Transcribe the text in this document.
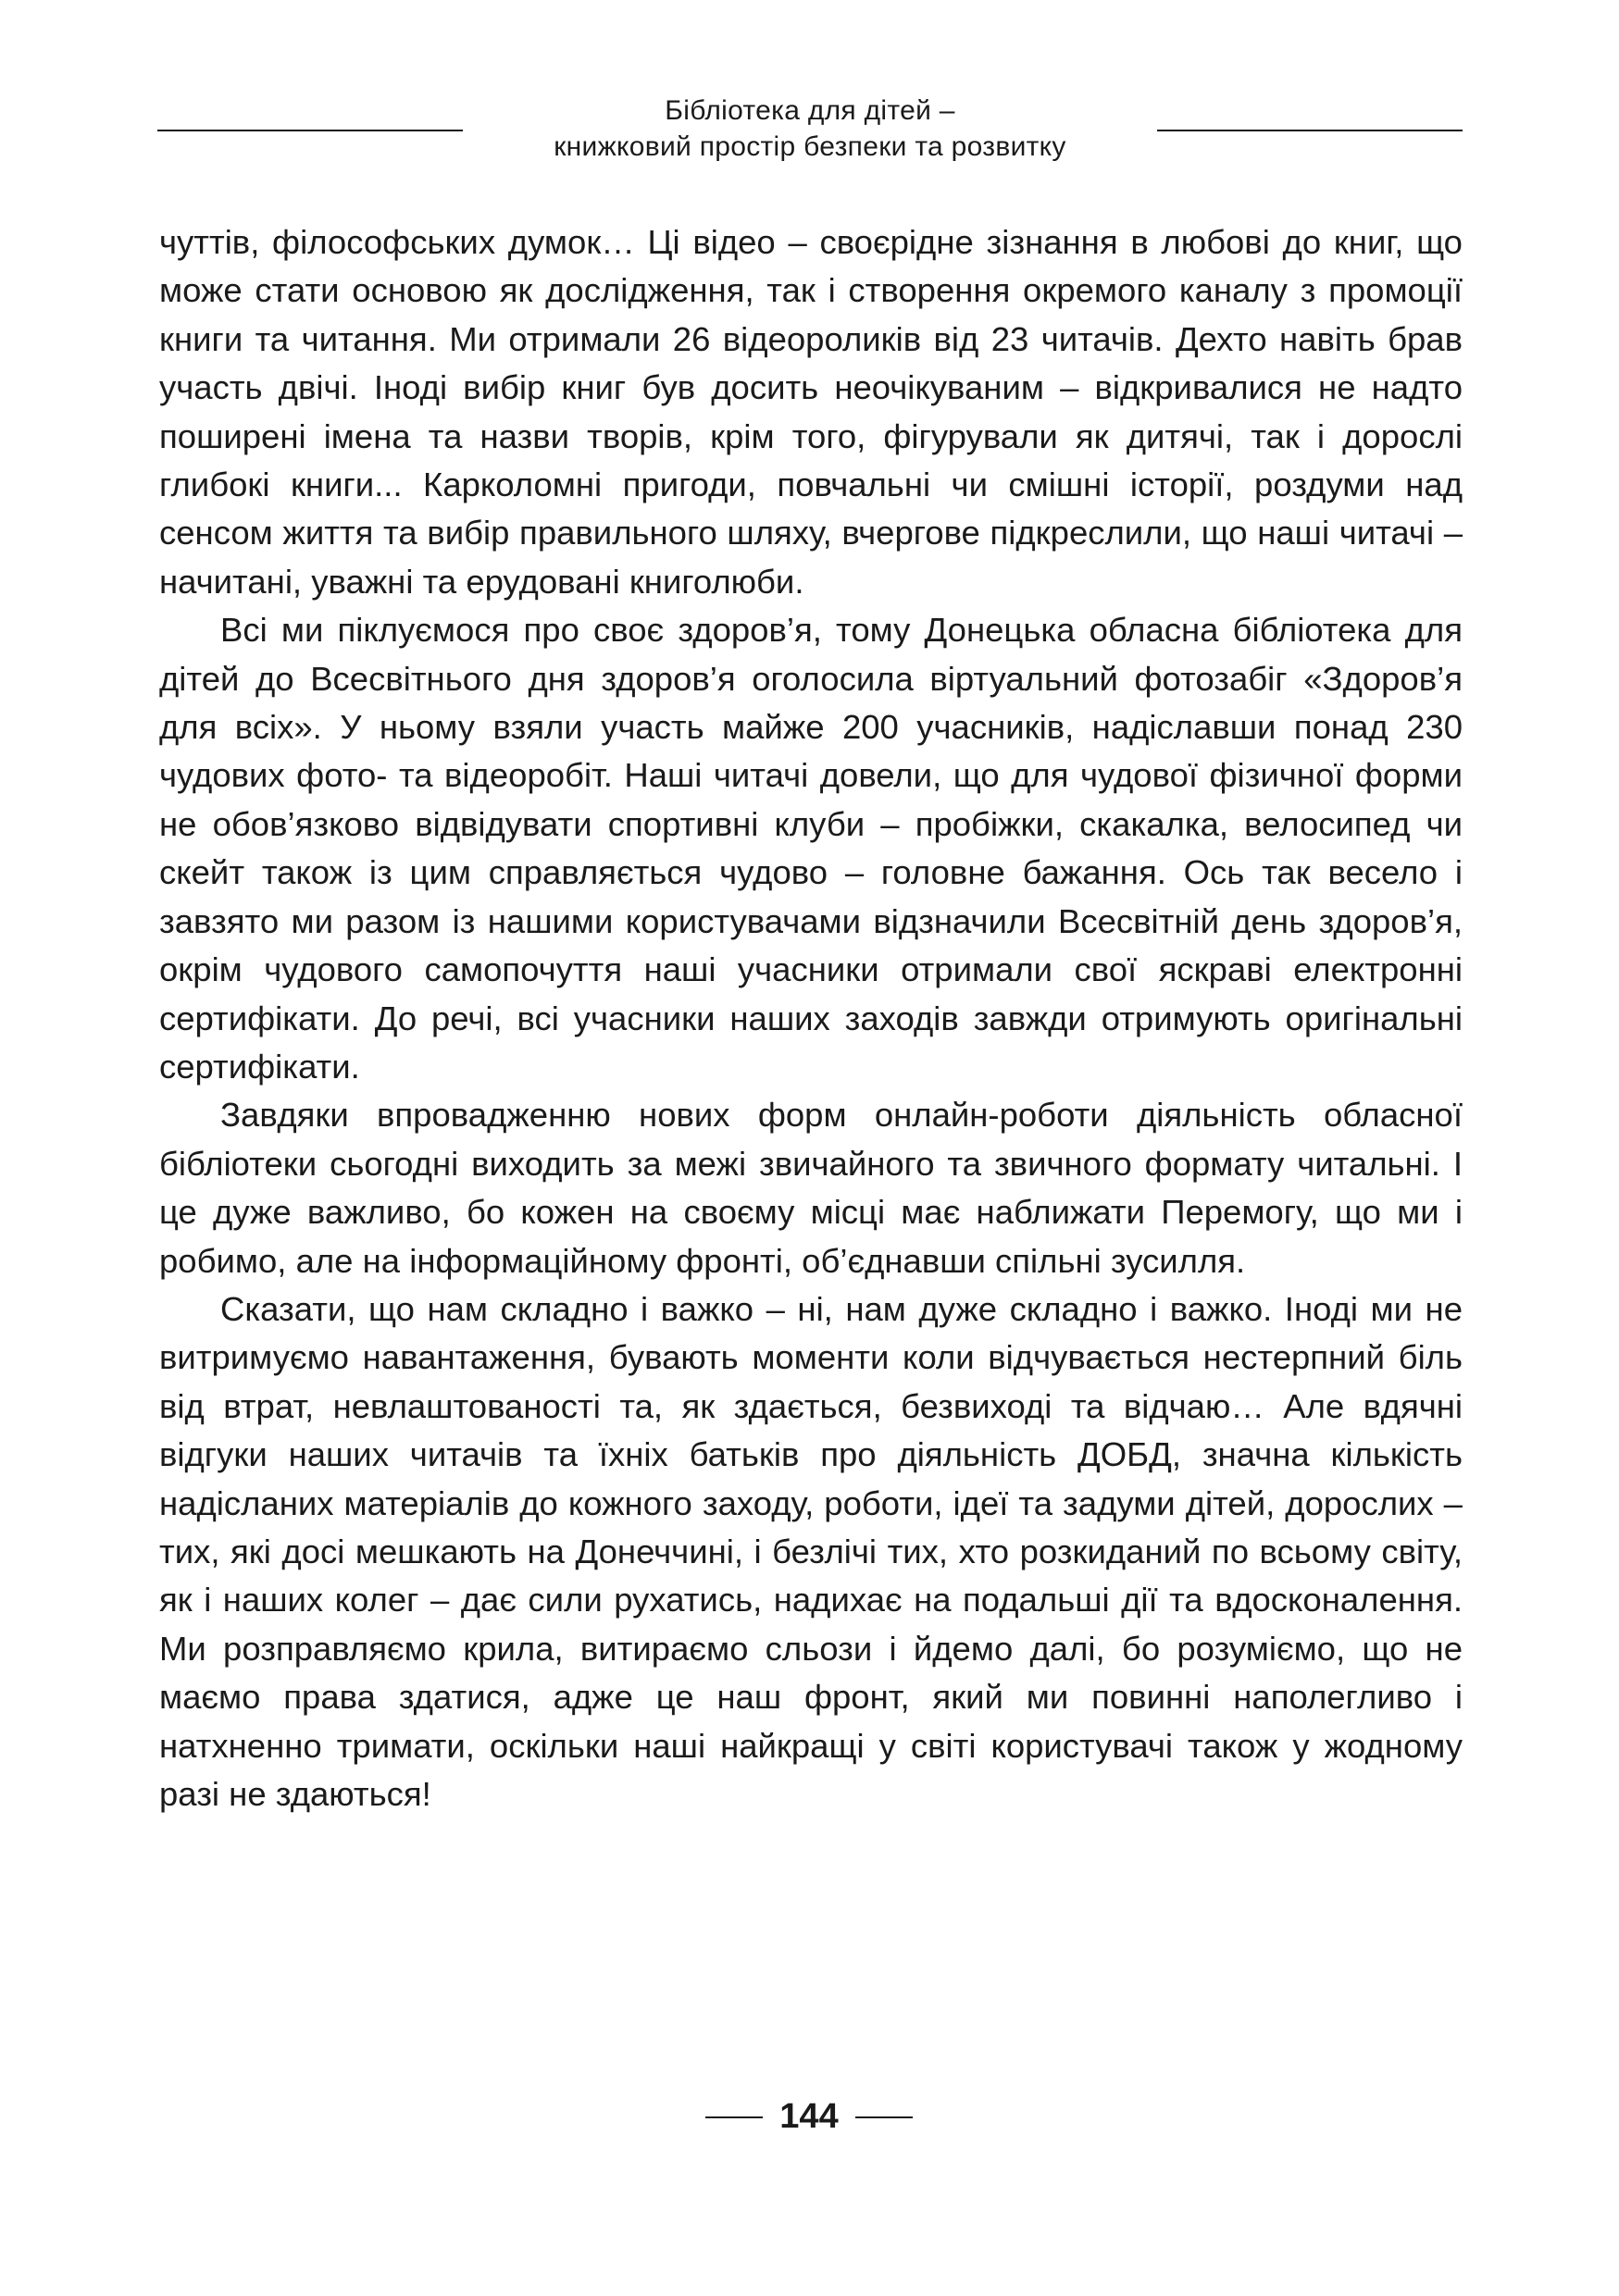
Бібліотека для дітей –
книжковий простір безпеки та розвитку

чуттів, філософських думок… Ці відео – своєрідне зізнання в любові до книг, що може стати основою як дослідження, так і створення окремого каналу з промоції книги та читання. Ми отримали 26 відеороликів від 23 читачів. Дехто навіть брав участь двічі. Іноді вибір книг був досить неочікуваним – відкривалися не надто поширені імена та назви творів, крім того, фігурували як дитячі, так і дорослі глибокі книги... Карколомні пригоди, повчальні чи смішні історії, роздуми над сенсом життя та вибір правильного шляху, вчергове підкреслили, що наші читачі – начитані, уважні та ерудовані книголюби.

Всі ми піклуємося про своє здоров’я, тому Донецька обласна бібліотека для дітей до Всесвітнього дня здоров’я оголосила віртуальний фотозабіг «Здоров’я для всіх». У ньому взяли участь майже 200 учасників, надіславши понад 230 чудових фото- та відеоробіт. Наші читачі довели, що для чудової фізичної форми не обов’язково відвідувати спортивні клуби – пробіжки, скакалка, велосипед чи скейт також із цим справляється чудово – головне бажання. Ось так весело і завзято ми разом із нашими користувачами відзначили Всесвітній день здоров’я, окрім чудового самопочуття наші учасники отримали свої яскраві електронні сертифікати. До речі, всі учасники наших заходів завжди отримують оригінальні сертифікати.

Завдяки впровадженню нових форм онлайн-роботи діяльність обласної бібліотеки сьогодні виходить за межі звичайного та звичного формату читальні. І це дуже важливо, бо кожен на своєму місці має наближати Перемогу, що ми і робимо, але на інформаційному фронті, об’єднавши спільні зусилля.

Сказати, що нам складно і важко – ні, нам дуже складно і важко. Іноді ми не витримуємо навантаження, бувають моменти коли відчувається нестерпний біль від втрат, невлаштованості та, як здається, безвиході та відчаю… Але вдячні відгуки наших читачів та їхніх батьків про діяльність ДОБД, значна кількість надісланих матеріалів до кожного заходу, роботи, ідеї та задуми дітей, дорослих – тих, які досі мешкають на Донеччині, і безлічі тих, хто розкиданий по всьому світу, як і наших колег – дає сили рухатись, надихає на подальші дії та вдосконалення. Ми розправляємо крила, витираємо сльози і йдемо далі, бо розуміємо, що не маємо права здатися, адже це наш фронт, який ми повинні наполегливо і натхненно тримати, оскільки наші найкращі у світі користувачі також у жодному разі не здаються!

144
